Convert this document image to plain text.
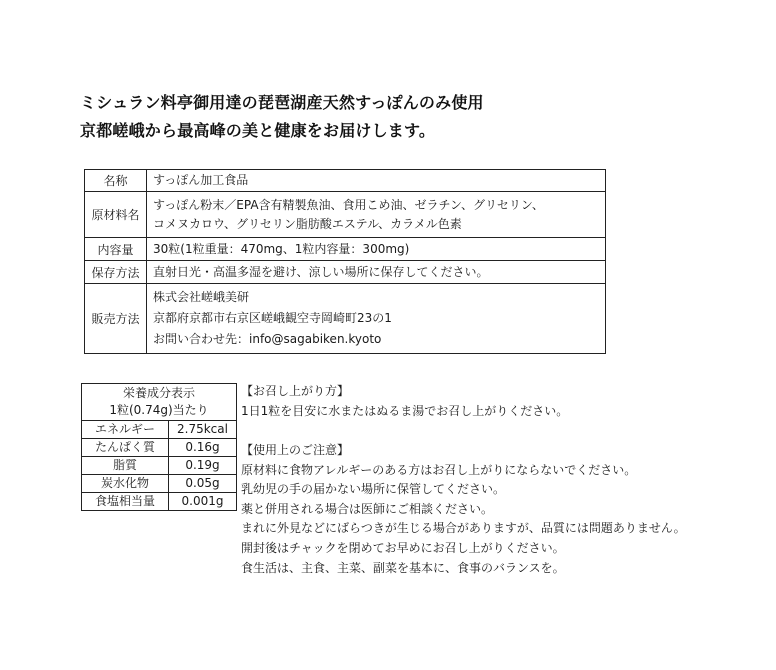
ミシュラン料亭御用達の琵琶湖産天然すっぽんのみ使用
京都嵯峨から最高峰の美と健康をお届けします。
名称	すっぽん加工食品
原材料名	すっぽん粉末／EPA含有精製魚油、食用こめ油、ゼラチン、グリセリン、
コメヌカロウ、グリセリン脂肪酸エステル、カラメル色素

内容量	30粒(1粒重量：470mg、1粒内容量：300mg)
保存方法	直射日光・高温多湿を避け、涼しい場所に保存してください。
販売方法	株式会社嵯峨美研
京都府京都市右京区嵯峨観空寺岡崎町23の1
お問い合わせ先：info@sagabiken.kyoto
栄養成分表示
1粒(0.74g)当たり	

エネルギー	2.75kcal
たんぱく質	0.16g
脂質	0.19g
炭水化物	0.05g
食塩相当量	0.001g
【お召し上がり方】
1日1粒を目安に水またはぬるま湯でお召し上がりください。
【使用上のご注意】
原材料に食物アレルギーのある方はお召し上がりにならないでください。
乳幼児の手の届かない場所に保管してください。
薬と併用される場合は医師にご相談ください。
まれに外見などにばらつきが生じる場合がありますが、品質には問題ありません。
開封後はチャックを閉めてお早めにお召し上がりください。
食生活は、主食、主菜、副菜を基本に、食事のバランスを。
